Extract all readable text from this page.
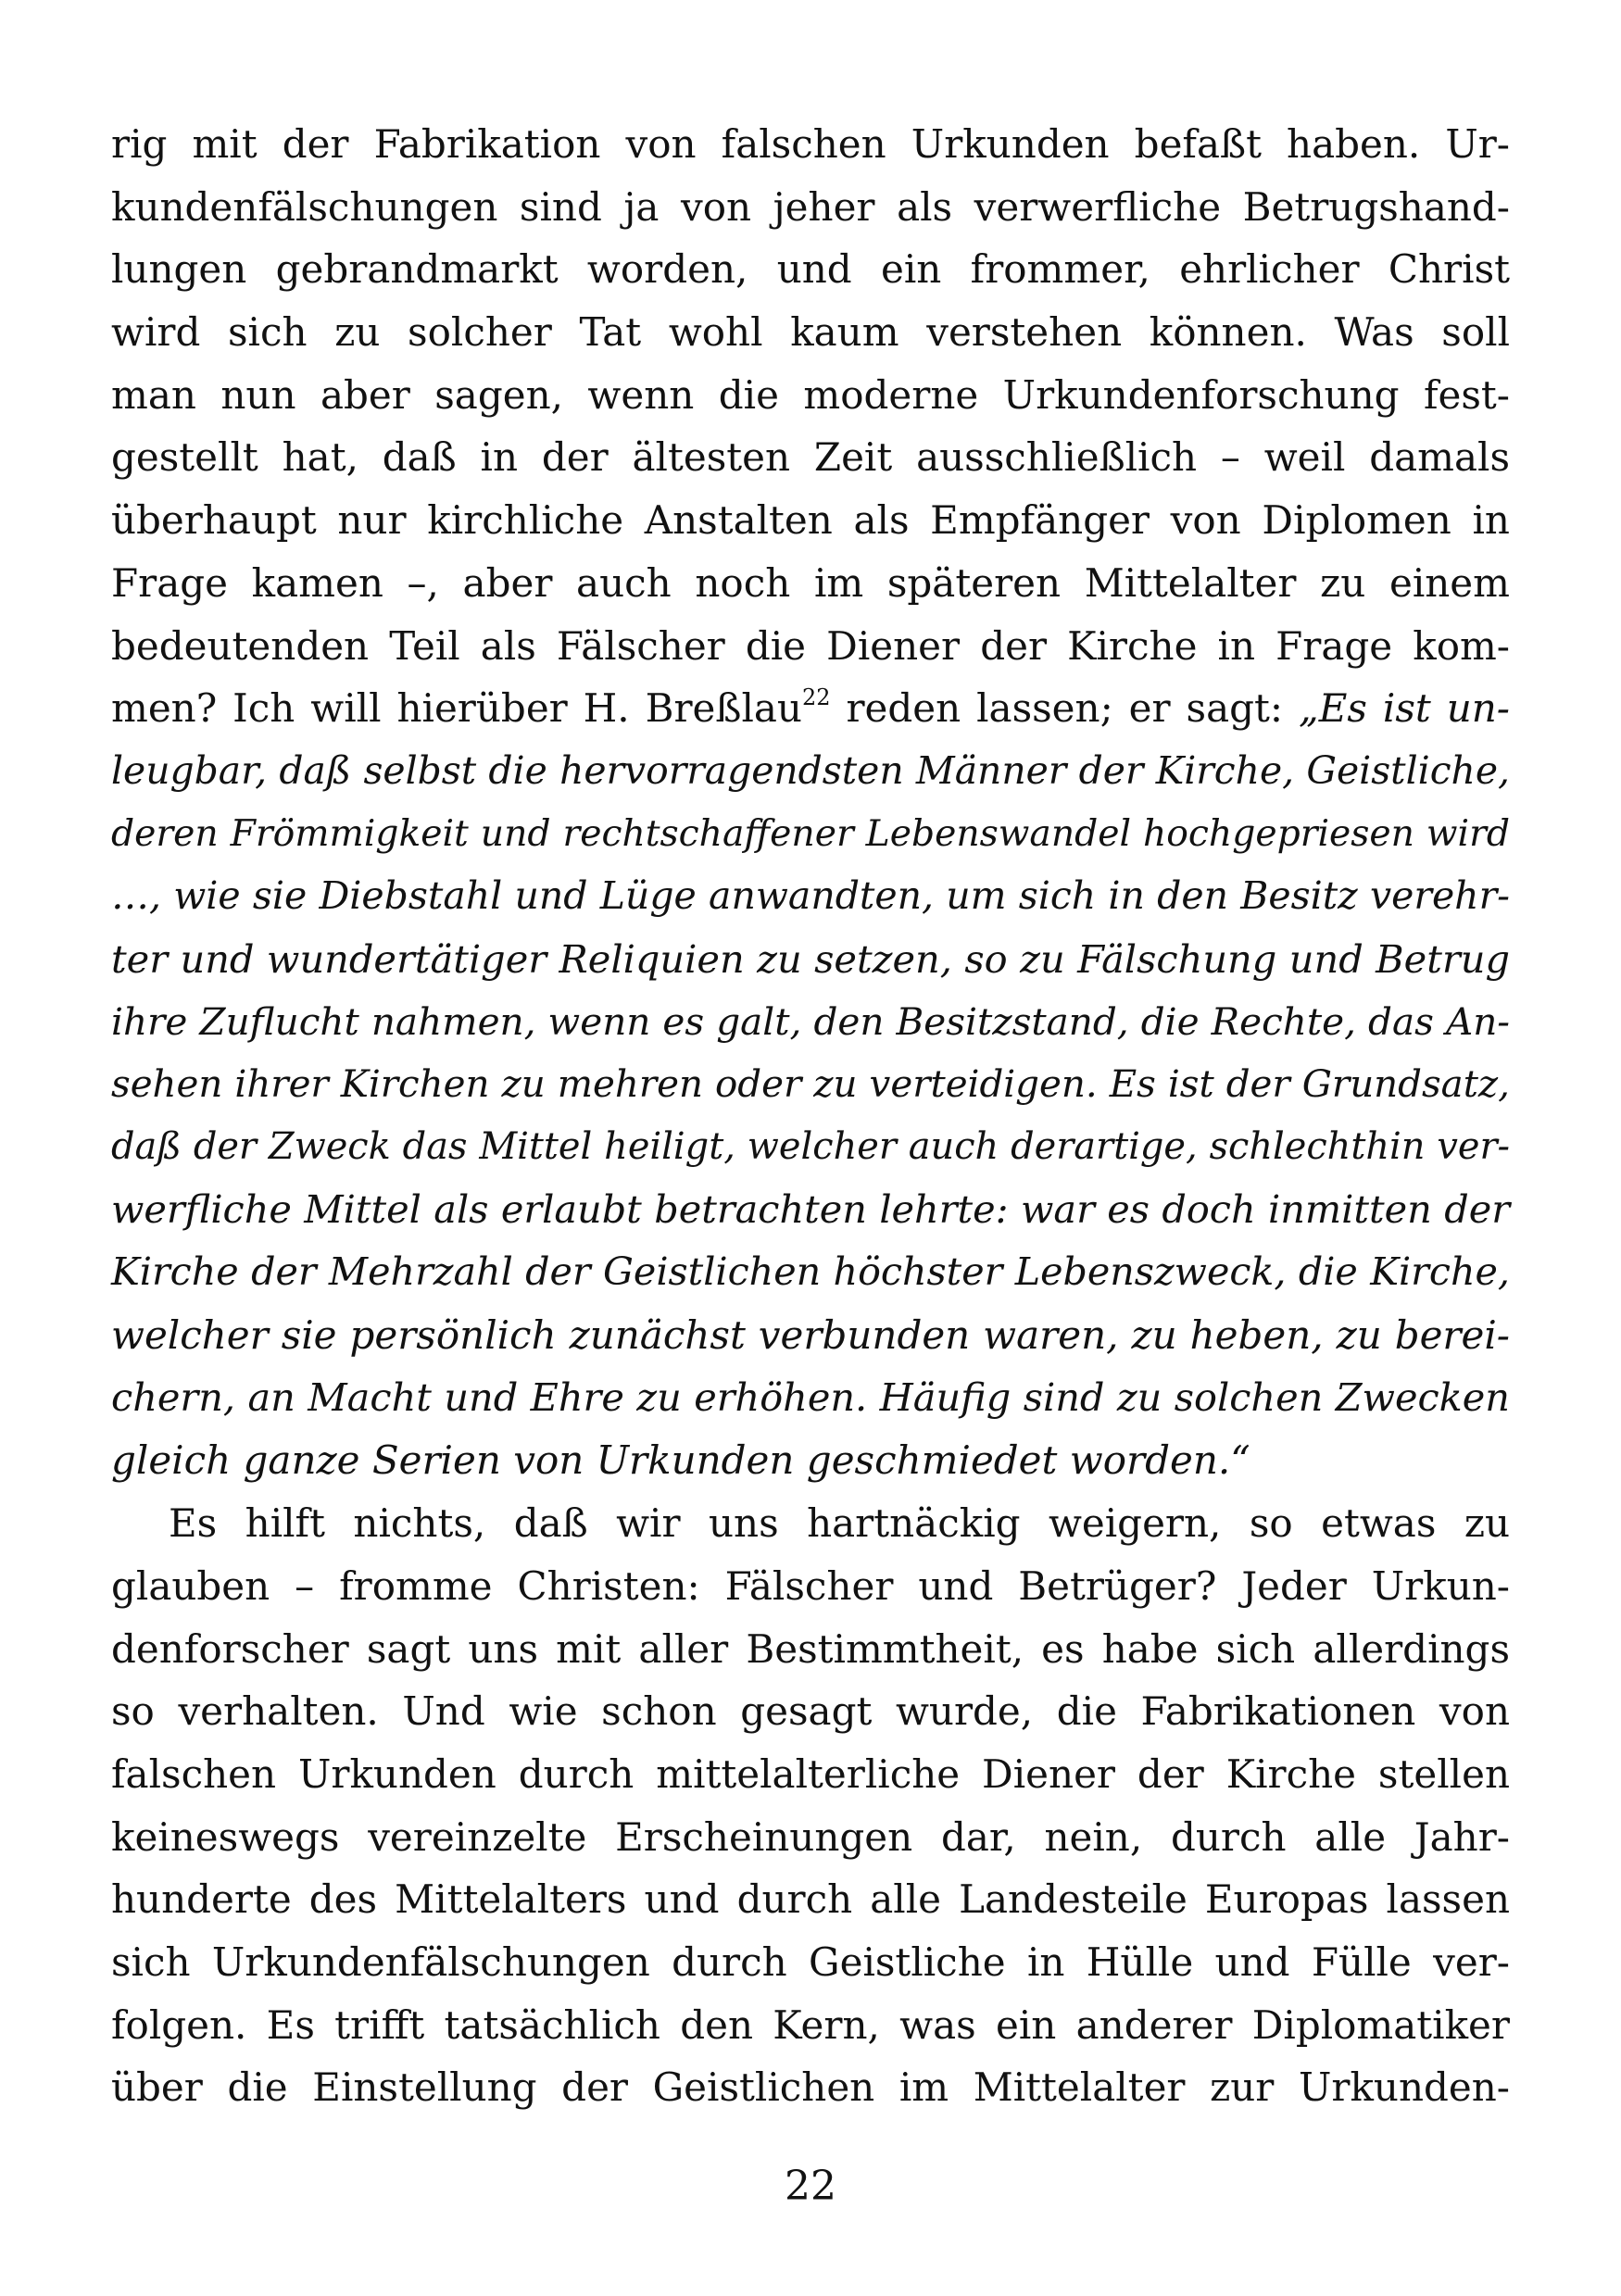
rig mit der Fabrikation von falschen Urkunden befaßt haben. Ur-
kundenfälschungen sind ja von jeher als verwerfliche Betrugshand-
lungen gebrandmarkt worden, und ein frommer, ehrlicher Christ
wird sich zu solcher Tat wohl kaum verstehen können. Was soll
man nun aber sagen, wenn die moderne Urkundenforschung fest-
gestellt hat, daß in der ältesten Zeit ausschließlich – weil damals
überhaupt nur kirchliche Anstalten als Empfänger von Diplomen in
Frage kamen –, aber auch noch im späteren Mittelalter zu einem
bedeutenden Teil als Fälscher die Diener der Kirche in Frage kom-
men? Ich will hierüber H. Breßlau$^{22}$ reden lassen; er sagt: „Es ist un-
leugbar, daß selbst die hervorragendsten Männer der Kirche, Geistliche,
deren Frömmigkeit und rechtschaffener Lebenswandel hochgepriesen wird
…, wie sie Diebstahl und Lüge anwandten, um sich in den Besitz verehr-
ter und wundertätiger Reliquien zu setzen, so zu Fälschung und Betrug
ihre Zuflucht nahmen, wenn es galt, den Besitzstand, die Rechte, das An-
sehen ihrer Kirchen zu mehren oder zu verteidigen. Es ist der Grundsatz,
daß der Zweck das Mittel heiligt, welcher auch derartige, schlechthin ver-
werfliche Mittel als erlaubt betrachten lehrte: war es doch inmitten der
Kirche der Mehrzahl der Geistlichen höchster Lebenszweck, die Kirche,
welcher sie persönlich zunächst verbunden waren, zu heben, zu berei-
chern, an Macht und Ehre zu erhöhen. Häufig sind zu solchen Zwecken
gleich ganze Serien von Urkunden geschmiedet worden.“
Es hilft nichts, daß wir uns hartnäckig weigern, so etwas zu
glauben – fromme Christen: Fälscher und Betrüger? Jeder Urkun-
denforscher sagt uns mit aller Bestimmtheit, es habe sich allerdings
so verhalten. Und wie schon gesagt wurde, die Fabrikationen von
falschen Urkunden durch mittelalterliche Diener der Kirche stellen
keineswegs vereinzelte Erscheinungen dar, nein, durch alle Jahr-
hunderte des Mittelalters und durch alle Landesteile Europas lassen
sich Urkundenfälschungen durch Geistliche in Hülle und Fülle ver-
folgen. Es trifft tatsächlich den Kern, was ein anderer Diplomatiker
über die Einstellung der Geistlichen im Mittelalter zur Urkunden-
22
